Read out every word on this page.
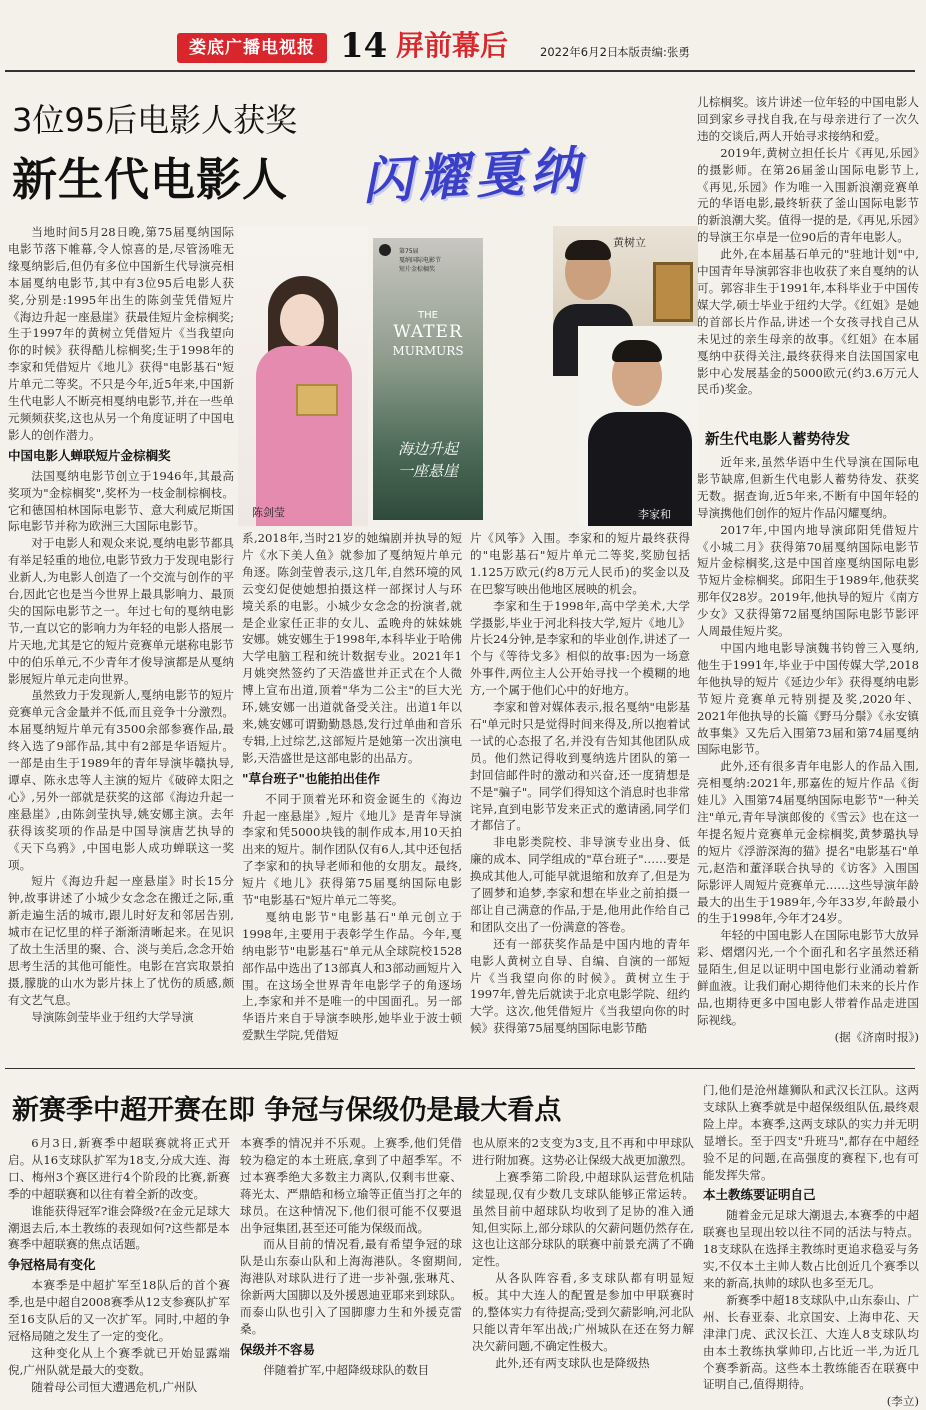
娄底广播电视报 14 屏前幕后	2022年6月2日
本版责编:张勇
3位95后电影人获奖
新生代电影人 闪耀戛纳
第75届
戛纳国际电影节
短片金棕榈奖
THE
WATER
MURMURS
海边升起
一座悬崖
陈剑莹
黄树立
李家和

当地时间5月28日晚,第75届戛纳国际电影节落下帷幕,令人惊喜的是,尽管汤唯无缘戛纳影后,但仍有多位中国新生代导演亮相本届戛纳电影节,其中有3位95后电影人获奖,分别是:1995年出生的陈剑莹凭借短片《海边升起一座悬崖》获最佳短片金棕榈奖;生于1997年的黄树立凭借短片《当我望向你的时候》获得酷儿棕榈奖;生于1998年的李家和凭借短片《地儿》获得"电影基石"短片单元二等奖。不只是今年,近5年来,中国新生代电影人不断亮相戛纳电影节,并在一些单元频频获奖,这也从另一个角度证明了中国电影人的创作潜力。

中国电影人蝉联短片金棕榈奖

法国戛纳电影节创立于1946年,其最高奖项为"金棕榈奖",奖杯为一枝金制棕榈枝。它和德国柏林国际电影节、意大利威尼斯国际电影节并称为欧洲三大国际电影节。

对于电影人和观众来说,戛纳电影节都具有举足轻重的地位,电影节致力于发现电影行业新人,为电影人创造了一个交流与创作的平台,因此它也是当今世界上最具影响力、最顶尖的国际电影节之一。年过七旬的戛纳电影节,一直以它的影响力为年轻的电影人搭展一片天地,尤其是它的短片竞赛单元堪称电影节中的伯乐单元,不少青年才俊导演都是从戛纳影展短片单元走向世界。

虽然致力于发现新人,戛纳电影节的短片竞赛单元含金量并不低,而且竞争十分激烈。本届戛纳短片单元有3500余部参赛作品,最终入选了9部作品,其中有2部是华语短片。一部是由生于1989年的青年导演毕赣执导,谭卓、陈永忠等人主演的短片《破碎太阳之心》,另外一部就是获奖的这部《海边升起一座悬崖》,由陈剑莹执导,姚安娜主演。去年获得该奖项的作品是中国导演唐艺执导的《天下乌鸦》,中国电影人成功蝉联这一奖项。

短片《海边升起一座悬崖》时长15分钟,故事讲述了小城少女念念在搬迁之际,重新走遍生活的城市,跟儿时好友和邻居告别,城市在记忆里的样子渐渐清晰起来。在见识了故土生活里的聚、合、淡与美后,念念开始思考生活的其他可能性。电影在宫宾取景拍摄,朦胧的山水为影片抹上了忧伤的质感,颇有文艺气息。

导演陈剑莹毕业于纽约大学导演

系,2018年,当时21岁的她编剧并执导的短片《水下美人鱼》就参加了戛纳短片单元角逐。陈剑莹曾表示,这几年,自然环境的风云变幻促使她想拍摄这样一部探讨人与环境关系的电影。小城少女念念的扮演者,就是企业家任正非的女儿、孟晚舟的妹妹姚安娜。姚安娜生于1998年,本科毕业于哈佛大学电脑工程和统计数据专业。2021年1月姚突然签约了天浩盛世并正式在个人微博上宣布出道,顶着"华为二公主"的巨大光环,姚安娜一出道就备受关注。出道1年以来,姚安娜可谓勤勤恳恳,发行过单曲和音乐专辑,上过综艺,这部短片是她第一次出演电影,天浩盛世是这部电影的出品方。

"草台班子"也能拍出佳作

不同于顶着光环和资金诞生的《海边升起一座悬崖》,短片《地儿》是青年导演李家和凭5000块钱的制作成本,用10天拍出来的短片。制作团队仅有6人,其中还包括了李家和的执导老师和他的女朋友。最终,短片《地儿》获得第75届戛纳国际电影节"电影基石"短片单元二等奖。

戛纳电影节"电影基石"单元创立于1998年,主要用于表彰学生作品。今年,戛纳电影节"电影基石"单元从全球院校1528部作品中选出了13部真人和3部动画短片入围。在这场全世界青年电影学子的角逐场上,李家和并不是唯一的中国面孔。另一部华语片来自于导演李映彤,她毕业于波士顿爱默生学院,凭借短

片《风筝》入围。李家和的短片最终获得的"电影基石"短片单元二等奖,奖励包括1.125万欧元(约8万元人民币)的奖金以及在巴黎写映出他地区展映的机会。

李家和生于1998年,高中学美术,大学学摄影,毕业于河北科技大学,短片《地儿》片长24分钟,是李家和的毕业创作,讲述了一个与《等待戈多》相似的故事:因为一场意外事件,两位主人公开始寻找一个模糊的地方,一个属于他们心中的好地方。

李家和曾对媒体表示,报名戛纳"电影基石"单元时只是觉得时间来得及,所以抱着试一试的心态报了名,并没有告知其他团队成员。他们然记得收到戛纳选片团队的第一封回信邮件时的激动和兴奋,还一度猜想是不是"骗子"。同学们得知这个消息时也非常诧异,直到电影节发来正式的邀请函,同学们才都信了。

非电影类院校、非导演专业出身、低廉的成本、同学组成的"草台班子"……要是换成其他人,可能早就退缩和放弃了,但是为了圆梦和追梦,李家和想在毕业之前拍摄一部让自己满意的作品,于是,他用此作给自己和团队交出了一份满意的答卷。

还有一部获奖作品是中国内地的青年电影人黄树立自导、自编、自演的一部短片《当我望向你的时候》。黄树立生于1997年,曾先后就读于北京电影学院、纽约大学。这次,他凭借短片《当我望向你的时候》获得第75届戛纳国际电影节酷

儿棕榈奖。该片讲述一位年轻的中国电影人回到家乡寻找自我,在与母亲进行了一次久违的交谈后,两人开始寻求接纳和爱。

2019年,黄树立担任长片《再见,乐园》的摄影师。在第26届釜山国际电影节上,《再见,乐园》作为唯一入围新浪潮竞赛单元的华语电影,最终斩获了釜山国际电影节的新浪潮大奖。值得一提的是,《再见,乐园》的导演王尔卓是一位90后的青年电影人。

此外,在本届基石单元的"驻地计划"中,中国青年导演郭容非也收获了来自戛纳的认可。郭容非生于1991年,本科毕业于中国传媒大学,硕士毕业于纽约大学。《红姐》是她的首部长片作品,讲述一个女孩寻找自己从未见过的亲生母亲的故事。《红姐》在本届戛纳中获得关注,最终获得来自法国国家电影中心发展基金的5000欧元(约3.6万元人民币)奖金。

新生代电影人蓄势待发

近年来,虽然华语中生代导演在国际电影节缺席,但新生代电影人蓄势待发、获奖无数。据查询,近5年来,不断有中国年轻的导演携他们创作的短片作品闪耀戛纳。

2017年,中国内地导演邱阳凭借短片《小城二月》获得第70届戛纳国际电影节短片金棕榈奖,这是中国首座戛纳国际电影节短片金棕榈奖。邱阳生于1989年,他获奖那年仅28岁。2019年,他执导的短片《南方少女》又获得第72届戛纳国际电影节影评人周最佳短片奖。

中国内地电影导演魏书钧曾三入戛纳,他生于1991年,毕业于中国传媒大学,2018年他执导的短片《延边少年》获得戛纳电影节短片竞赛单元特别提及奖,2020年、2021年他执导的长篇《野马分鬃》《永安镇故事集》又先后入围第73届和第74届戛纳国际电影节。

此外,还有很多青年电影人的作品入围,亮相戛纳:2021年,那嘉佐的短片作品《街娃儿》入围第74届戛纳国际电影节"一种关注"单元,青年导演郎俊的《雪云》也在这一年提名短片竞赛单元金棕榈奖,黄梦璐执导的短片《浮游深海的猫》提名"电影基石"单元,赵浩和董泽联合执导的《访客》入围国际影评人周短片竞赛单元……这些导演年龄最大的出生于1989年,今年33岁,年龄最小的生于1998年,今年才24岁。

年轻的中国电影人在国际电影节大放异彩、熠熠闪光,一个个面孔和名字虽然还稍显陌生,但足以证明中国电影行业涌动着新鲜血液。让我们耐心期待他们未来的长片作品,也期待更多中国电影人带着作品走进国际视线。

(据《济南时报》)

新赛季中超开赛在即 争冠与保级仍是最大看点

6月3日,新赛季中超联赛就将正式开启。从16支球队扩军为18支,分成大连、海口、梅州3个赛区进行4个阶段的比赛,新赛季的中超联赛和以往有着全新的改变。

谁能获得冠军?谁会降级?在金元足球大潮退去后,本土教练的表现如何?这些都是本赛季中超联赛的焦点话题。

争冠格局有变化

本赛季是中超扩军至18队后的首个赛季,也是中超自2008赛季从12支参赛队扩军至16支队后的又一次扩军。同时,中超的争冠格局随之发生了一定的变化。

这种变化从上个赛季就已开始显露端倪,广州队就是最大的变数。

随着母公司恒大遭遇危机,广州队

本赛季的情况并不乐观。上赛季,他们凭借较为稳定的本土班底,拿到了中超季军。不过本赛季绝大多数主力离队,仅剩韦世豪、蒋光太、严鼎皓和杨立瑜等正值当打之年的球员。在这种情况下,他们很可能不仅要退出争冠集团,甚至还可能为保级而战。

而从目前的情况看,最有希望争冠的球队是山东泰山队和上海海港队。冬窗期间,海港队对球队进行了进一步补强,张琳芃、徐新两大国脚以及外援恩迪亚耶来到球队。而泰山队也引入了国脚廖力生和外援克雷桑。

保级并不容易

伴随着扩军,中超降级球队的数目

也从原来的2支变为3支,且不再和中甲球队进行附加赛。这势必让保级大战更加激烈。

上赛季第二阶段,中超球队运营危机陆续显现,仅有少数几支球队能够正常运转。虽然目前中超球队均收到了足协的准入通知,但实际上,部分球队的欠薪问题仍然存在,这也让这部分球队的联赛中前景充满了不确定性。

从各队阵容看,多支球队都有明显短板。其中大连人的配置是参加中甲联赛时的,整体实力有待提高;受到欠薪影响,河北队只能以青年军出战;广州城队在还在努力解决欠薪问题,不确定性极大。

此外,还有两支球队也是降级热

门,他们是沧州雄狮队和武汉长江队。这两支球队上赛季就是中超保级组队伍,最终艰险上岸。本赛季,这两支球队的实力并无明显增长。至于四支"升班马",都存在中超经验不足的问题,在高强度的赛程下,也有可能发挥失常。

本土教练要证明自己

随着金元足球大潮退去,本赛季的中超联赛也呈现出较以往不同的活法与特点。18支球队在选择主教练时更追求稳妥与务实,不仅本土主帅人数占比创近几个赛季以来的新高,执帅的球队也多至无几。

新赛季中超18支球队中,山东泰山、广州、长春亚泰、北京国安、上海申花、天津津门虎、武汉长江、大连人8支球队均由本土教练执掌帅印,占比近一半,为近几个赛季新高。这些本土教练能否在联赛中证明自己,值得期待。

(李立)
